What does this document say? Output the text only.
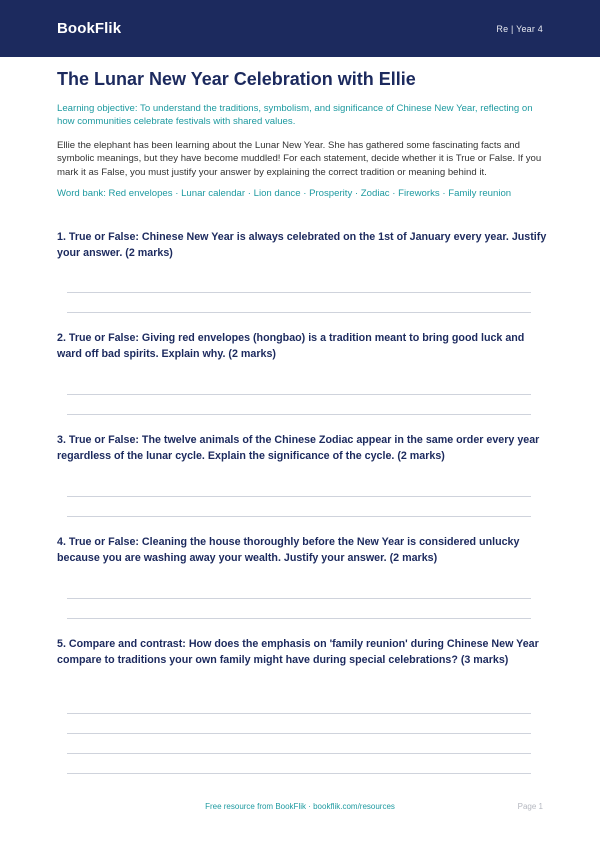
BookFlik	Re | Year 4
The Lunar New Year Celebration with Ellie
Learning objective: To understand the traditions, symbolism, and significance of Chinese New Year, reflecting on how communities celebrate festivals with shared values.
Ellie the elephant has been learning about the Lunar New Year. She has gathered some fascinating facts and symbolic meanings, but they have become muddled! For each statement, decide whether it is True or False. If you mark it as False, you must justify your answer by explaining the correct tradition or meaning behind it.
Word bank: Red envelopes · Lunar calendar · Lion dance · Prosperity · Zodiac · Fireworks · Family reunion
1. True or False: Chinese New Year is always celebrated on the 1st of January every year. Justify your answer. (2 marks)
2. True or False: Giving red envelopes (hongbao) is a tradition meant to bring good luck and ward off bad spirits. Explain why. (2 marks)
3. True or False: The twelve animals of the Chinese Zodiac appear in the same order every year regardless of the lunar cycle. Explain the significance of the cycle. (2 marks)
4. True or False: Cleaning the house thoroughly before the New Year is considered unlucky because you are washing away your wealth. Justify your answer. (2 marks)
5. Compare and contrast: How does the emphasis on 'family reunion' during Chinese New Year compare to traditions your own family might have during special celebrations? (3 marks)
Free resource from BookFlik · bookflik.com/resources	Page 1
